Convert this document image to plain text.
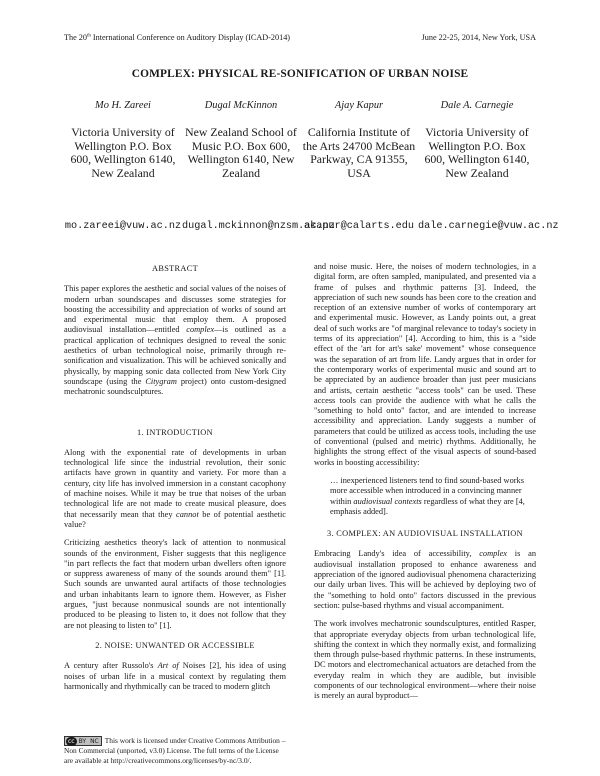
The 20th International Conference on Auditory Display (ICAD-2014)	June 22-25, 2014, New York, USA
COMPLEX: PHYSICAL RE-SONIFICATION OF URBAN NOISE
Mo H. Zareei
Victoria University of Wellington P.O. Box 600, Wellington 6140, New Zealand
mo.zareei@vuw.ac.nz
Dugal McKinnon
New Zealand School of Music P.O. Box 600, Wellington 6140, New Zealand
dugal.mckinnon@nzsm.ac.nz
Ajay Kapur
California Institute of the Arts 24700 McBean Parkway, CA 91355, USA
akapur@calarts.edu
Dale A. Carnegie
Victoria University of Wellington P.O. Box 600, Wellington 6140, New Zealand
dale.carnegie@vuw.ac.nz
ABSTRACT

This paper explores the aesthetic and social values of the noises of modern urban soundscapes and discusses some strategies for boosting the accessibility and appreciation of works of sound art and experimental music that employ them. A proposed audiovisual installation—entitled complex—is outlined as a practical application of techniques designed to reveal the sonic aesthetics of urban technological noise, primarily through re-sonification and visualization. This will be achieved sonically and physically, by mapping sonic data collected from New York City soundscape (using the Citygram project) onto custom-designed mechatronic soundsculptures.

1. INTRODUCTION

Along with the exponential rate of developments in urban technological life since the industrial revolution, their sonic artifacts have grown in quantity and variety. For more than a century, city life has involved immersion in a constant cacophony of machine noises. While it may be true that noises of the urban technological life are not made to create musical pleasure, does that necessarily mean that they cannot be of potential aesthetic value?

Criticizing aesthetics theory's lack of attention to nonmusical sounds of the environment, Fisher suggests that this negligence "in part reflects the fact that modern urban dwellers often ignore or suppress awareness of many of the sounds around them" [1]. Such sounds are unwanted aural artifacts of those technologies and urban inhabitants learn to ignore them. However, as Fisher argues, "just because nonmusical sounds are not intentionally produced to be pleasing to listen to, it does not follow that they are not pleasing to listen to" [1].

2. NOISE: UNWANTED OR ACCESSIBLE

A century after Russolo's Art of Noises [2], his idea of using noises of urban life in a musical context by regulating them harmonically and rhythmically can be traced to modern glitch

and noise music. Here, the noises of modern technologies, in a digital form, are often sampled, manipulated, and presented via a frame of pulses and rhythmic patterns [3]. Indeed, the appreciation of such new sounds has been core to the creation and reception of an extensive number of works of contemporary art and experimental music. However, as Landy points out, a great deal of such works are "of marginal relevance to today's society in terms of its appreciation" [4]. According to him, this is a "side effect of the 'art for art's sake' movement" whose consequence was the separation of art from life. Landy argues that in order for the contemporary works of experimental music and sound art to be appreciated by an audience broader than just peer musicians and artists, certain aesthetic "access tools" can be used. These access tools can provide the audience with what he calls the "something to hold onto" factor, and are intended to increase accessibility and appreciation. Landy suggests a number of parameters that could be utilized as access tools, including the use of conventional (pulsed and metric) rhythms. Additionally, he highlights the strong effect of the visual aspects of sound-based works in boosting accessibility:

… inexperienced listeners tend to find sound-based works more accessible when introduced in a convincing manner within audiovisual contexts regardless of what they are [4, emphasis added].
3. COMPLEX: AN AUDIOVISUAL INSTALLATION

Embracing Landy's idea of accessibility, complex is an audiovisual installation proposed to enhance awareness and appreciation of the ignored audiovisual phenomena characterizing our daily urban lives. This will be achieved by deploying two of the "something to hold onto" factors discussed in the previous section: pulse-based rhythms and visual accompaniment.

The work involves mechatronic soundsculptures, entitled Rasper, that appropriate everyday objects from urban technological life, shifting the context in which they normally exist, and formalizing them through pulse-based rhythmic patterns. In these instruments, DC motors and electromechanical actuators are detached from the everyday realm in which they are audible, but invisible components of our technological environment—where their noise is merely an aural byproduct—

cc BY NC This work is licensed under Creative Commons Attribution – Non Commercial (unported, v3.0) License. The full terms of the License are available at http://creativecommons.org/licenses/by-nc/3.0/.
